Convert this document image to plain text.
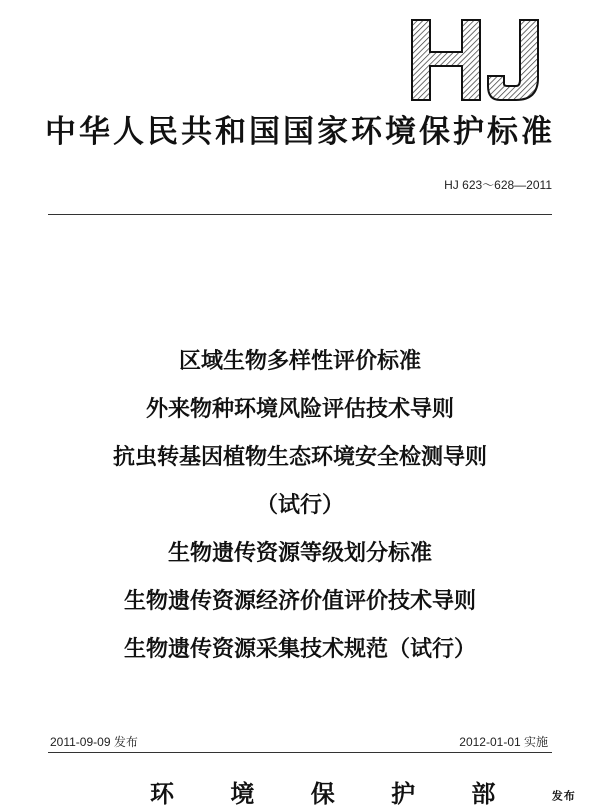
中华人民共和国国家环境保护标准
HJ 623～628—2011
区域生物多样性评价标准
外来物种环境风险评估技术导则
抗虫转基因植物生态环境安全检测导则
（试行）
生物遗传资源等级划分标准
生物遗传资源经济价值评价技术导则
生物遗传资源采集技术规范（试行）
2011-09-09 发布	2012-01-01 实施
环 境 保 护 部	发布
